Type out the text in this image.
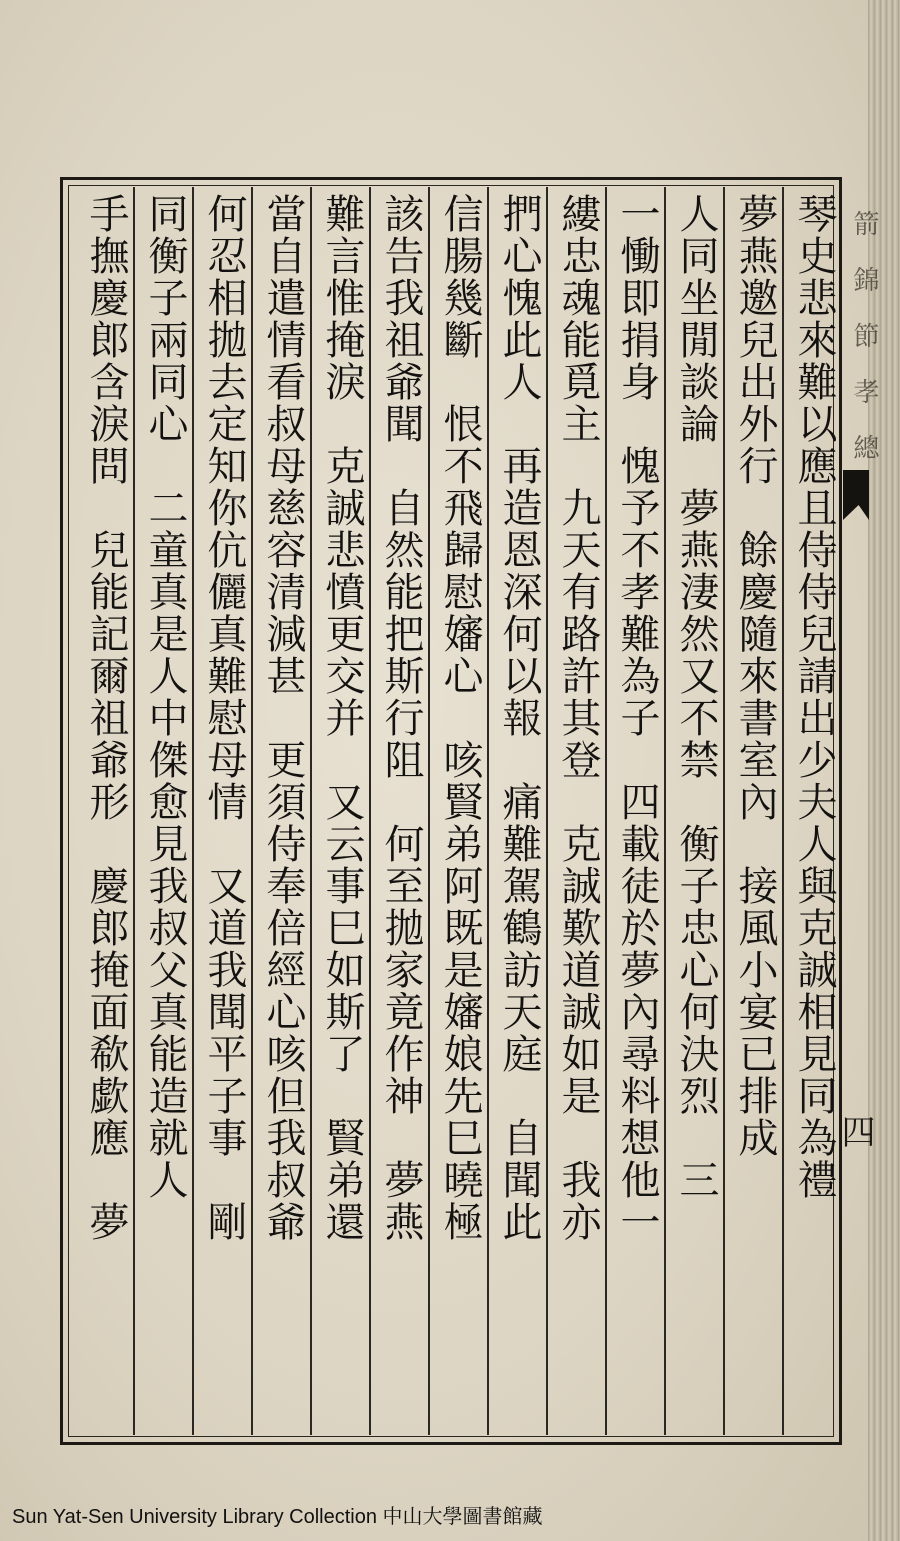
琴史悲來難以應且侍侍兒請出少夫人與克誠相見同為禮
夢燕邀兒出外行　餘慶隨來書室內　接風小宴已排成
人同坐閒談論　夢燕淒然又不禁　衡子忠心何決烈　三
一慟即捐身　愧予不孝難為子　四載徒於夢內尋料想他一
縷忠魂能覓主　九天有路許其登　克誠歎道誠如是　我亦
捫心愧此人　再造恩深何以報　痛難駕鶴訪天庭　自聞此
信腸幾斷　恨不飛歸慰嬸心　咳賢弟阿既是嬸娘先巳曉極
該告我祖爺聞　自然能把斯行阻　何至拋家竟作神　夢燕
難言惟掩淚　克誠悲憤更交并　又云事巳如斯了　賢弟還
當自遣情看叔母慈容清減甚　更須侍奉倍經心咳但我叔爺
何忍相拋去定知你伉儷真難慰母情　又道我聞平子事　剛
同衡子兩同心　二童真是人中傑愈見我叔父真能造就人
手撫慶郎含淚問　兒能記爾祖爺形　慶郎掩面欷歔應　夢	箭 錦 節 孝 總
四
Sun Yat-Sen University Library Collection 中山大學圖書館藏
